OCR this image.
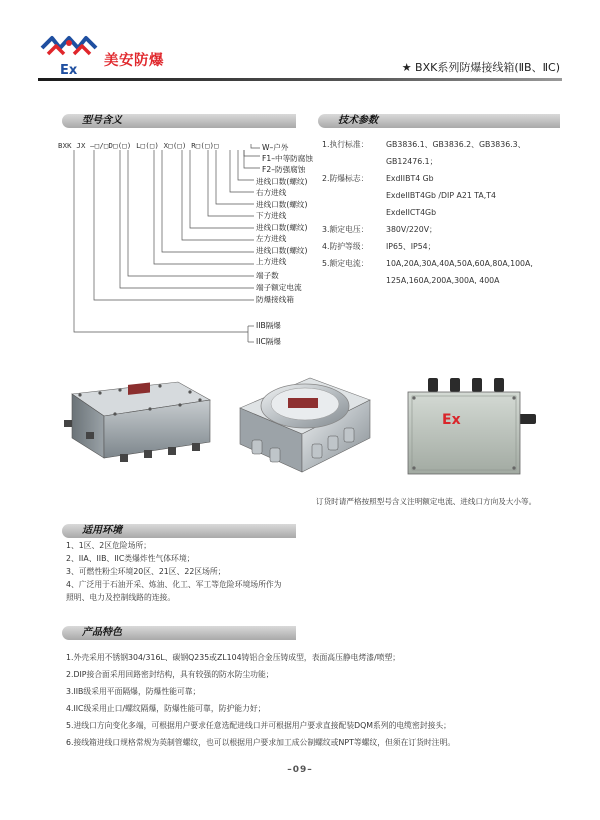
Ex
美安防爆	★ BXK系列防爆接线箱(ⅡB、ⅡC)
型号含义
BXK JX –□/□D□(□) L□(□) X□(□) R□(□)□	W–户外
F1–中等防腐蚀
F2–防强腐蚀
进线口数(螺纹)
右方进线
进线口数(螺纹)
下方进线
进线口数(螺纹)
左方进线
进线口数(螺纹)
上方进线
端子数
端子额定电流
防爆接线箱
IIB隔爆
IIC隔爆
技术参数
1.执行标准： GB3836.1、GB3836.2、GB3836.3、
GB12476.1；
2.防爆标志： ExdIIBT4 Gb
ExdeIIBT4Gb /DIP A21 TA,T4
ExdeIICT4Gb
3.额定电压： 380V/220V；
4.防护等级： IP65、IP54；
5.额定电流： 10A,20A,30A,40A,50A,60A,80A,100A,
125A,160A,200A,300A, 400A
Ex
订货时请严格按照型号含义注明额定电流、进线口方向及大小等。
适用环境
1、1区、2区危险场所；
2、IIA、IIB、IIC类爆炸性气体环境；
3、可燃性粉尘环境20区、21区、22区场所；
4、广泛用于石油开采、炼油、化工、军工等危险环境场所作为
照明、电力及控制线路的连接。
产品特色
1.外壳采用不锈钢304/316L、碳钢Q235或ZL104铸铝合金压铸成型，表面高压静电烤漆/喷塑；
2.DIP接合面采用回路密封结构，具有较强的防水防尘功能；
3.IIB级采用平面隔爆，防爆性能可靠；
4.IIC级采用止口/螺纹隔爆，防爆性能可靠，防护能力好；
5.进线口方向变化多端，可根据用户要求任意选配进线口并可根据用户要求直接配装DQM系列的电缆密封接头；
6.接线箱进线口规格常规为英制管螺纹，也可以根据用户要求加工成公制螺纹或NPT等螺纹，但须在订货时注明。
–09–
